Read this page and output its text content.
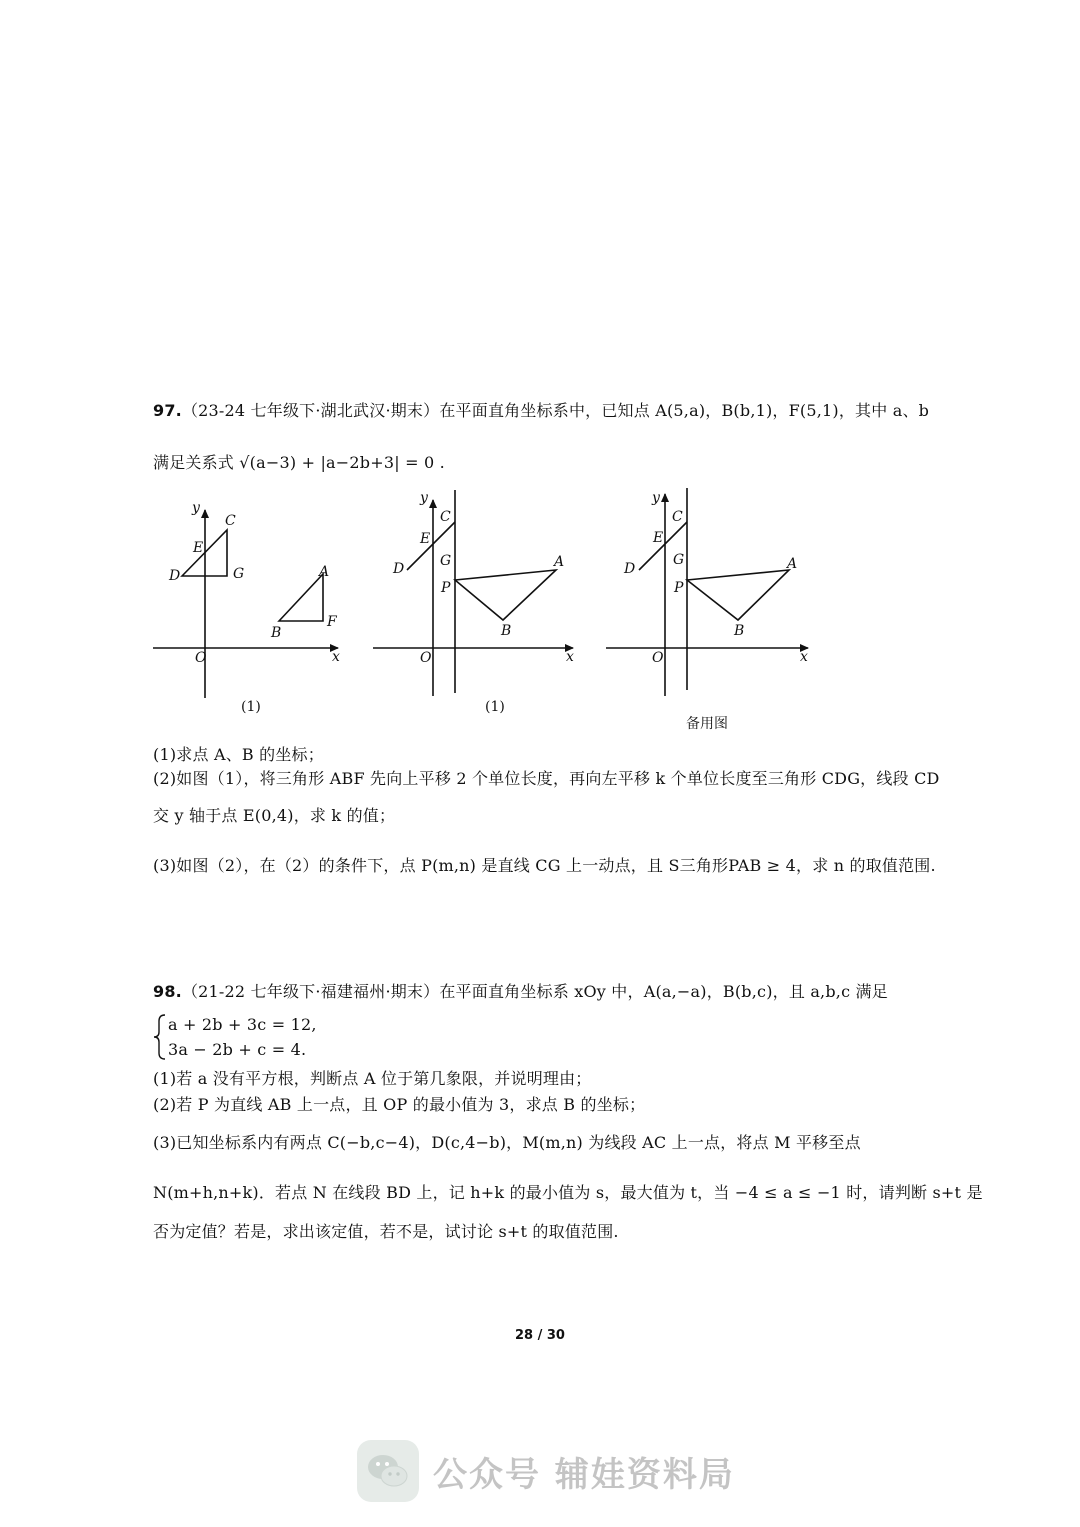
97.（23-24 七年级下·湖北武汉·期末）在平面直角坐标系中，已知点 A(5,a)，B(b,1)，F(5,1)，其中 a、b
满足关系式 √(a−3) + |a−2b+3| = 0 .
y
x
O
C
E
D	G	A
B
F
y
x
O
C
E
G
D
P
A
B
y
x
O
C
E
G
D
P
A
B
(1)	(1)
备用图
(1)求点 A、B 的坐标；
(2)如图（1），将三角形 ABF 先向上平移 2 个单位长度，再向左平移 k 个单位长度至三角形 CDG，线段 CD
交 y 轴于点 E(0,4)，求 k 的值；
(3)如图（2），在（2）的条件下，点 P(m,n) 是直线 CG 上一动点，且 S三角形PAB ≥ 4，求 n 的取值范围.
98.（21-22 七年级下·福建福州·期末）在平面直角坐标系 xOy 中，A(a,−a)，B(b,c)，且 a,b,c 满足
a + 2b + 3c = 12,
3a − 2b + c = 4.
(1)若 a 没有平方根，判断点 A 位于第几象限，并说明理由；
(2)若 P 为直线 AB 上一点，且 OP 的最小值为 3，求点 B 的坐标；
(3)已知坐标系内有两点 C(−b,c−4)，D(c,4−b)，M(m,n) 为线段 AC 上一点，将点 M 平移至点
N(m+h,n+k)．若点 N 在线段 BD 上，记 h+k 的最小值为 s，最大值为 t，当 −4 ≤ a ≤ −1 时，请判断 s+t 是
否为定值？若是，求出该定值，若不是，试讨论 s+t 的取值范围.
28 / 30
公众号 辅娃资料局
